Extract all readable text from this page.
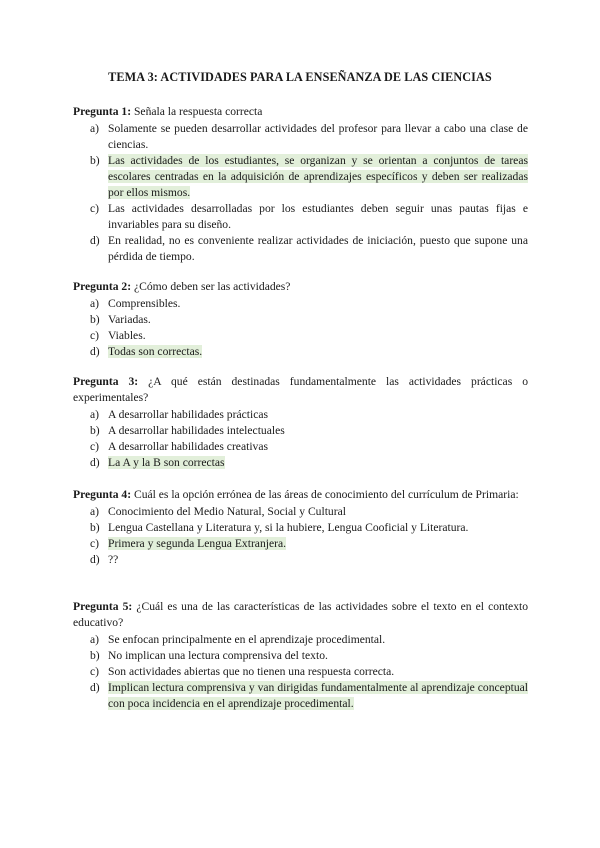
TEMA 3: ACTIVIDADES PARA LA ENSEÑANZA DE LAS CIENCIAS
Pregunta 1: Señala la respuesta correcta
a) Solamente se pueden desarrollar actividades del profesor para llevar a cabo una clase de ciencias.
b) Las actividades de los estudiantes, se organizan y se orientan a conjuntos de tareas escolares centradas en la adquisición de aprendizajes específicos y deben ser realizadas por ellos mismos.
c) Las actividades desarrolladas por los estudiantes deben seguir unas pautas fijas e invariables para su diseño.
d) En realidad, no es conveniente realizar actividades de iniciación, puesto que supone una pérdida de tiempo.
Pregunta 2: ¿Cómo deben ser las actividades?
a) Comprensibles.
b) Variadas.
c) Viables.
d) Todas son correctas.
Pregunta 3: ¿A qué están destinadas fundamentalmente las actividades prácticas o experimentales?
a) A desarrollar habilidades prácticas
b) A desarrollar habilidades intelectuales
c) A desarrollar habilidades creativas
d) La A y la B son correctas
Pregunta 4: Cuál es la opción errónea de las áreas de conocimiento del currículum de Primaria:
a) Conocimiento del Medio Natural, Social y Cultural
b) Lengua Castellana y Literatura y, si la hubiere, Lengua Cooficial y Literatura.
c) Primera y segunda Lengua Extranjera.
d) ??
Pregunta 5: ¿Cuál es una de las características de las actividades sobre el texto en el contexto educativo?
a) Se enfocan principalmente en el aprendizaje procedimental.
b) No implican una lectura comprensiva del texto.
c) Son actividades abiertas que no tienen una respuesta correcta.
d) Implican lectura comprensiva y van dirigidas fundamentalmente al aprendizaje conceptual con poca incidencia en el aprendizaje procedimental.
